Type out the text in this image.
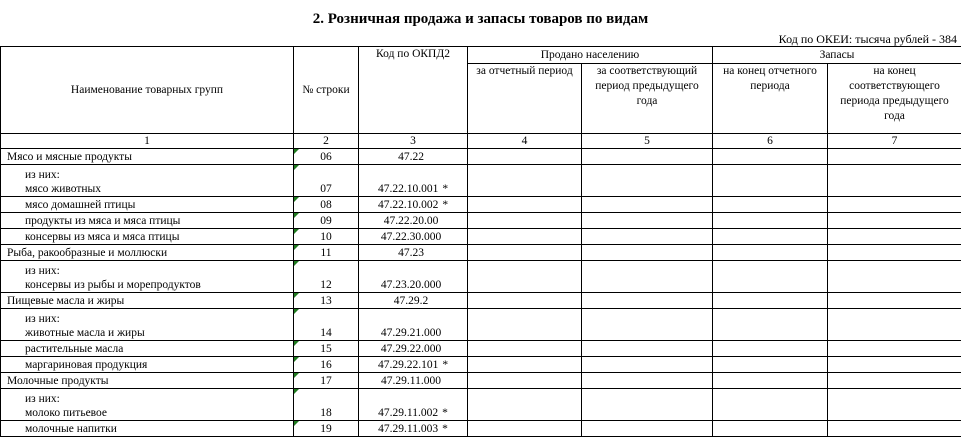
2. Розничная продажа и запасы товаров по видам
Код по ОКЕИ: тысяча рублей - 384
Наименование товарных групп	№ строки	Код по ОКПД2	Продано населению		Запасы	
			за отчетный период	за соответствующий период предыдущего года	на конец отчетного периода	на конец соответствующего периода предыдущего года
1	2	3	4	5	6	7
Мясо и мясные продукты	06	47.22				

из них:
мясо животных	07	47.22.10.001 *				
мясо домашней птицы	08	47.22.10.002 *				
продукты из мяса и мяса птицы	09	47.22.20.00				
консервы из мяса и мяса птицы	10	47.22.30.000				
Рыба, ракообразные и моллюски	11	47.23				

из них:
консервы из рыбы и морепродуктов	12	47.23.20.000				
Пищевые масла и жиры	13	47.29.2				

из них:
животные масла и жиры	14	47.29.21.000				
растительные масла	15	47.29.22.000				
маргариновая продукция	16	47.29.22.101 *				
Молочные продукты	17	47.29.11.000				

из них:
молоко питьевое	18	47.29.11.002 *				
молочные напитки	19	47.29.11.003 *				
